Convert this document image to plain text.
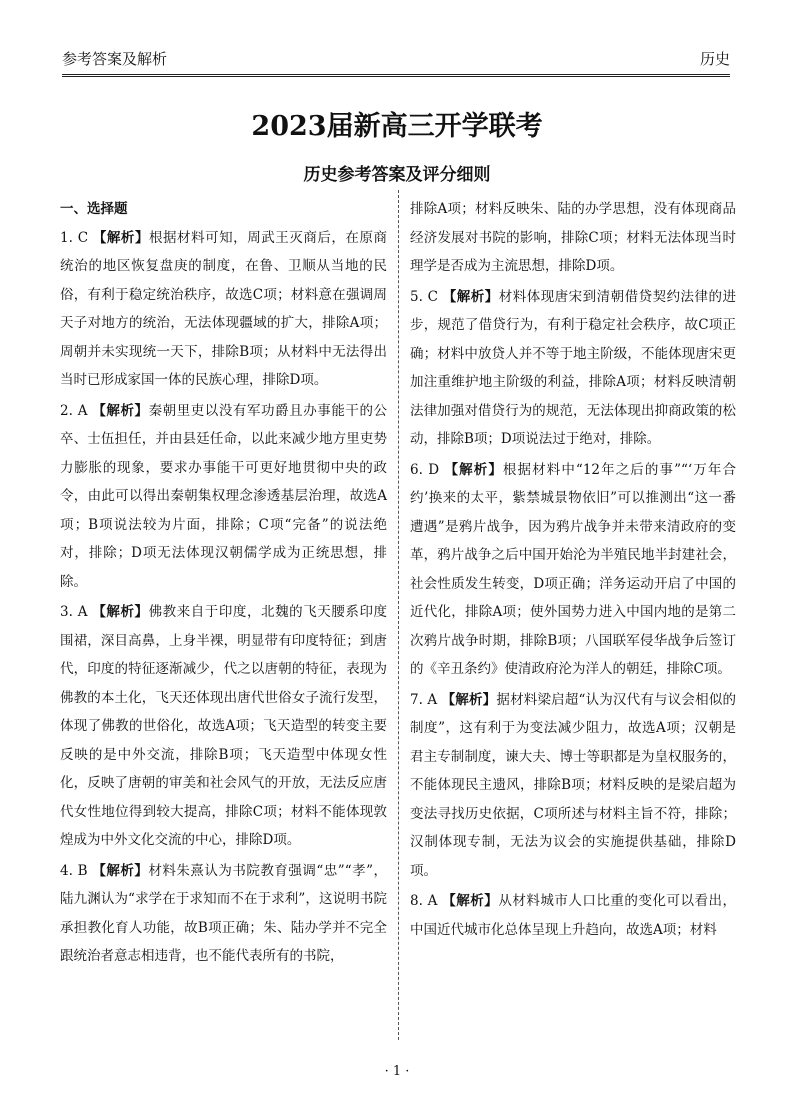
参考答案及解析	历史
2023届新高三开学联考
历史参考答案及评分细则

一、选择题

1. C 【解析】根据材料可知，周武王灭商后，在原商统治的地区恢复盘庚的制度，在鲁、卫顺从当地的民俗，有利于稳定统治秩序，故选C项；材料意在强调周天子对地方的统治，无法体现疆域的扩大，排除A项；周朝并未实现统一天下，排除B项；从材料中无法得出当时已形成家国一体的民族心理，排除D项。

2. A 【解析】秦朝里吏以没有军功爵且办事能干的公卒、士伍担任，并由县廷任命，以此来减少地方里吏势力膨胀的现象，要求办事能干可更好地贯彻中央的政令，由此可以得出秦朝集权理念渗透基层治理，故选A项；B项说法较为片面，排除；C项“完备”的说法绝对，排除；D项无法体现汉朝儒学成为正统思想，排除。

3. A 【解析】佛教来自于印度，北魏的飞天腰系印度围裙，深目高鼻，上身半裸，明显带有印度特征；到唐代，印度的特征逐渐减少，代之以唐朝的特征，表现为佛教的本土化，飞天还体现出唐代世俗女子流行发型，体现了佛教的世俗化，故选A项；飞天造型的转变主要反映的是中外交流，排除B项；飞天造型中体现女性化，反映了唐朝的审美和社会风气的开放，无法反应唐代女性地位得到较大提高，排除C项；材料不能体现敦煌成为中外文化交流的中心，排除D项。

4. B 【解析】材料朱熹认为书院教育强调“忠”“孝”，陆九渊认为“求学在于求知而不在于求利”，这说明书院承担教化育人功能，故B项正确；朱、陆办学并不完全跟统治者意志相违背，也不能代表所有的书院，

排除A项；材料反映朱、陆的办学思想，没有体现商品经济发展对书院的影响，排除C项；材料无法体现当时理学是否成为主流思想，排除D项。

5. C 【解析】材料体现唐宋到清朝借贷契约法律的进步，规范了借贷行为，有利于稳定社会秩序，故C项正确；材料中放贷人并不等于地主阶级，不能体现唐宋更加注重维护地主阶级的利益，排除A项；材料反映清朝法律加强对借贷行为的规范，无法体现出抑商政策的松动，排除B项；D项说法过于绝对，排除。

6. D 【解析】根据材料中“12年之后的事”“‘万年合约’换来的太平，紫禁城景物依旧”可以推测出“这一番遭遇”是鸦片战争，因为鸦片战争并未带来清政府的变革，鸦片战争之后中国开始沦为半殖民地半封建社会，社会性质发生转变，D项正确；洋务运动开启了中国的近代化，排除A项；使外国势力进入中国内地的是第二次鸦片战争时期，排除B项；八国联军侵华战争后签订的《辛丑条约》使清政府沦为洋人的朝廷，排除C项。

7. A 【解析】据材料梁启超“认为汉代有与议会相似的制度”，这有利于为变法减少阻力，故选A项；汉朝是君主专制制度，谏大夫、博士等职都是为皇权服务的，不能体现民主遗风，排除B项；材料反映的是梁启超为变法寻找历史依据，C项所述与材料主旨不符，排除；汉制体现专制，无法为议会的实施提供基础，排除D项。

8. A 【解析】从材料城市人口比重的变化可以看出，中国近代城市化总体呈现上升趋向，故选A项；材料

· 1 ·
